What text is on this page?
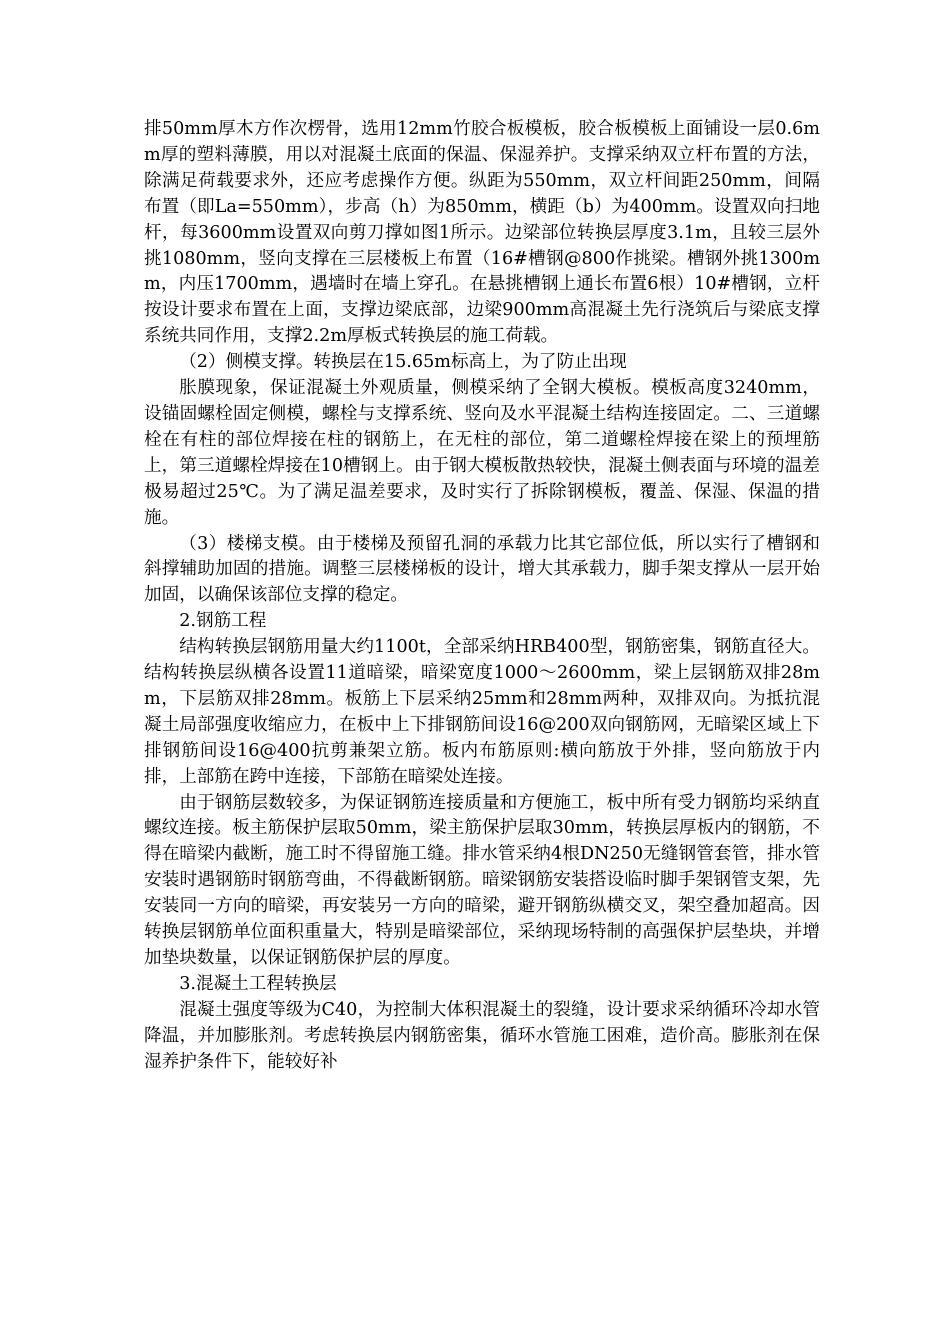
排50mm厚木方作次楞骨，选用12mm竹胶合板模板，胶合板模板上面铺设一层0.6mm厚的塑料薄膜，用以对混凝土底面的保温、保湿养护。支撑采纳双立杆布置的方法，除满足荷载要求外，还应考虑操作方便。纵距为550mm，双立杆间距250mm，间隔布置（即La=550mm），步高（h）为850mm，横距（b）为400mm。设置双向扫地杆，每3600mm设置双向剪刀撑如图1所示。边梁部位转换层厚度3.1m，且较三层外挑1080mm，竖向支撑在三层楼板上布置（16#槽钢@800作挑梁。槽钢外挑1300mm，内压1700mm，遇墙时在墙上穿孔。在悬挑槽钢上通长布置6根）10#槽钢，立杆按设计要求布置在上面，支撑边梁底部，边梁900mm高混凝土先行浇筑后与梁底支撑系统共同作用，支撑2.2m厚板式转换层的施工荷载。

（2）侧模支撑。转换层在15.65m标高上，为了防止出现

胀膜现象，保证混凝土外观质量，侧模采纳了全钢大模板。模板高度3240mm，设锚固螺栓固定侧模，螺栓与支撑系统、竖向及水平混凝土结构连接固定。二、三道螺栓在有柱的部位焊接在柱的钢筋上，在无柱的部位，第二道螺栓焊接在梁上的预埋筋上，第三道螺栓焊接在10槽钢上。由于钢大模板散热较快，混凝土侧表面与环境的温差极易超过25℃。为了满足温差要求，及时实行了拆除钢模板，覆盖、保湿、保温的措施。

（3）楼梯支模。由于楼梯及预留孔洞的承载力比其它部位低，所以实行了槽钢和斜撑辅助加固的措施。调整三层楼梯板的设计，增大其承载力，脚手架支撑从一层开始加固，以确保该部位支撑的稳定。

2.钢筋工程

结构转换层钢筋用量大约1100t，全部采纳HRB400型，钢筋密集，钢筋直径大。结构转换层纵横各设置11道暗梁，暗梁宽度1000～2600mm，梁上层钢筋双排28mm，下层筋双排28mm。板筋上下层采纳25mm和28mm两种，双排双向。为抵抗混凝土局部强度收缩应力，在板中上下排钢筋间设16@200双向钢筋网，无暗梁区域上下排钢筋间设16@400抗剪兼架立筋。板内布筋原则:横向筋放于外排，竖向筋放于内排，上部筋在跨中连接，下部筋在暗梁处连接。

由于钢筋层数较多，为保证钢筋连接质量和方便施工，板中所有受力钢筋均采纳直螺纹连接。板主筋保护层取50mm，梁主筋保护层取30mm，转换层厚板内的钢筋，不得在暗梁内截断，施工时不得留施工缝。排水管采纳4根DN250无缝钢管套管，排水管安装时遇钢筋时钢筋弯曲，不得截断钢筋。暗梁钢筋安装搭设临时脚手架钢管支架，先安装同一方向的暗梁，再安装另一方向的暗梁，避开钢筋纵横交叉，架空叠加超高。因转换层钢筋单位面积重量大，特别是暗梁部位，采纳现场特制的高强保护层垫块，并增加垫块数量，以保证钢筋保护层的厚度。

3.混凝土工程转换层

混凝土强度等级为C40，为控制大体积混凝土的裂缝，设计要求采纳循环冷却水管降温，并加膨胀剂。考虑转换层内钢筋密集，循环水管施工困难，造价高。膨胀剂在保湿养护条件下，能较好补
